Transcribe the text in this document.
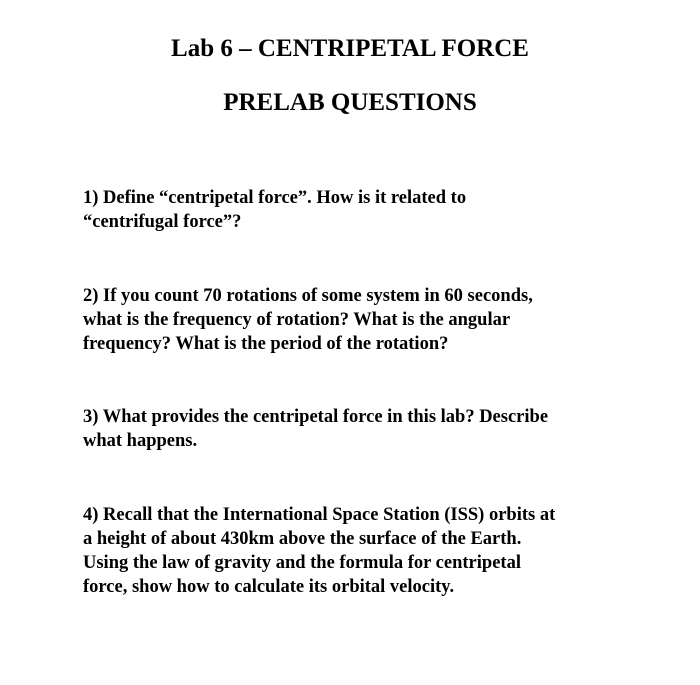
Lab 6 – CENTRIPETAL FORCE
PRELAB QUESTIONS
1) Define “centripetal force”. How is it related to
“centrifugal force”?
2) If you count 70 rotations of some system in 60 seconds,
what is the frequency of rotation? What is the angular
frequency? What is the period of the rotation?
3) What provides the centripetal force in this lab? Describe
what happens.
4) Recall that the International Space Station (ISS) orbits at
a height of about 430km above the surface of the Earth.
Using the law of gravity and the formula for centripetal
force, show how to calculate its orbital velocity.
